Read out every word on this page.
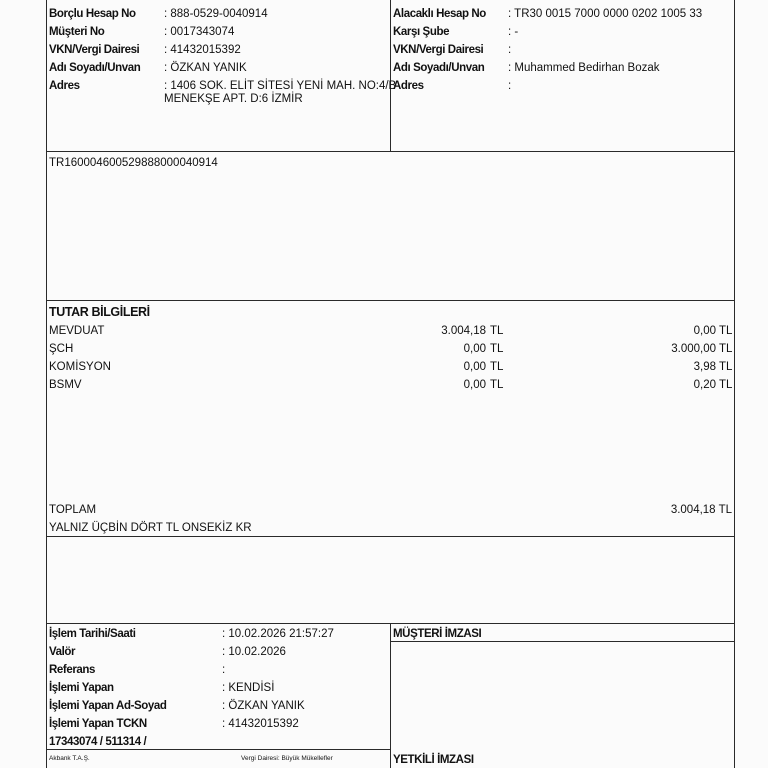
Borçlu Hesap No : 888-0529-0040914
Müşteri No	: 0017343074
VKN/Vergi Dairesi : 41432015392
Adı Soyadı/Unvan : ÖZKAN YANIK
Adres	: 1406 SOK. ELİT SİTESİ YENİ MAH. NO:4/B
MENEKŞE APT. D:6 İZMİR
Alacaklı Hesap No : TR30 0015 7000 0000 0202 1005 33
Karşı Şube	: -
VKN/Vergi Dairesi :
Adı Soyadı/Unvan : Muhammed Bedirhan Bozak
Adres	:
TR160004600529888000040914
TUTAR BİLGİLERİ
MEVDUAT	3.004,18 TL	0,00 TL
ŞCH	0,00 TL	3.000,00 TL
KOMİSYON	0,00 TL	3,98 TL
BSMV	0,00 TL	0,20 TL
TOPLAM	3.004,18 TL
YALNIZ ÜÇBİN DÖRT TL ONSEKİZ KR
İşlem Tarihi/Saati	: 10.02.2026 21:57:27
Valör	: 10.02.2026
Referans	:
İşlemi Yapan	: KENDİSİ
İşlemi Yapan Ad-Soyad	: ÖZKAN YANIK
İşlemi Yapan TCKN	: 41432015392
17343074 / 511314 /
MÜŞTERİ İMZASI
YETKİLİ İMZASI
Akbank T.A.Ş.	Vergi Dairesi: Büyük Mükellefler
